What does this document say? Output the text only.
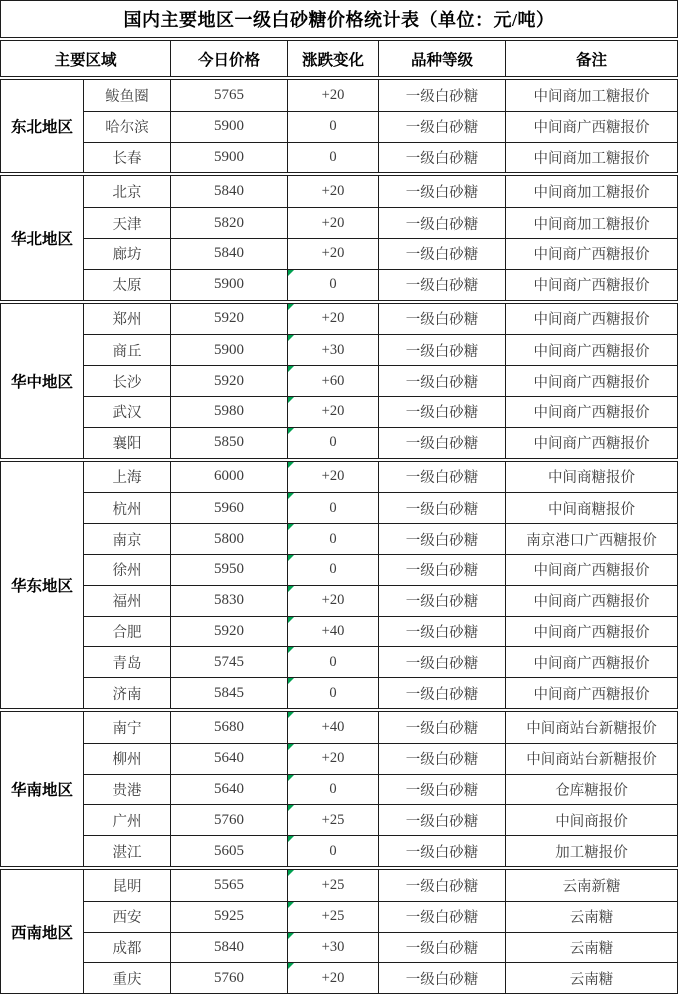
国内主要地区一级白砂糖价格统计表（单位：元/吨）
主要区域	今日价格	涨跌变化	品种等级	备注
东北地区
鲅鱼圈	5765	+20	一级白砂糖	中间商加工糖报价
哈尔滨	5900	0	一级白砂糖	中间商广西糖报价
长春	5900	0	一级白砂糖	中间商加工糖报价
华北地区
北京	5840	+20	一级白砂糖	中间商加工糖报价
天津	5820	+20	一级白砂糖	中间商加工糖报价
廊坊	5840	+20	一级白砂糖	中间商广西糖报价
太原	5900	0	一级白砂糖	中间商广西糖报价
华中地区
郑州	5920	+20	一级白砂糖	中间商广西糖报价
商丘	5900	+30	一级白砂糖	中间商广西糖报价
长沙	5920	+60	一级白砂糖	中间商广西糖报价
武汉	5980	+20	一级白砂糖	中间商广西糖报价
襄阳	5850	0	一级白砂糖	中间商广西糖报价
华东地区
上海	6000	+20	一级白砂糖	中间商糖报价
杭州	5960	0	一级白砂糖	中间商糖报价
南京	5800	0	一级白砂糖	南京港口广西糖报价
徐州	5950	0	一级白砂糖	中间商广西糖报价
福州	5830	+20	一级白砂糖	中间商广西糖报价
合肥	5920	+40	一级白砂糖	中间商广西糖报价
青岛	5745	0	一级白砂糖	中间商广西糖报价
济南	5845	0	一级白砂糖	中间商广西糖报价
华南地区
南宁	5680	+40	一级白砂糖	中间商站台新糖报价
柳州	5640	+20	一级白砂糖	中间商站台新糖报价
贵港	5640	0	一级白砂糖	仓库糖报价
广州	5760	+25	一级白砂糖	中间商报价
湛江	5605	0	一级白砂糖	加工糖报价
西南地区
昆明	5565	+25	一级白砂糖	云南新糖
西安	5925	+25	一级白砂糖	云南糖
成都	5840	+30	一级白砂糖	云南糖
重庆	5760	+20	一级白砂糖	云南糖
